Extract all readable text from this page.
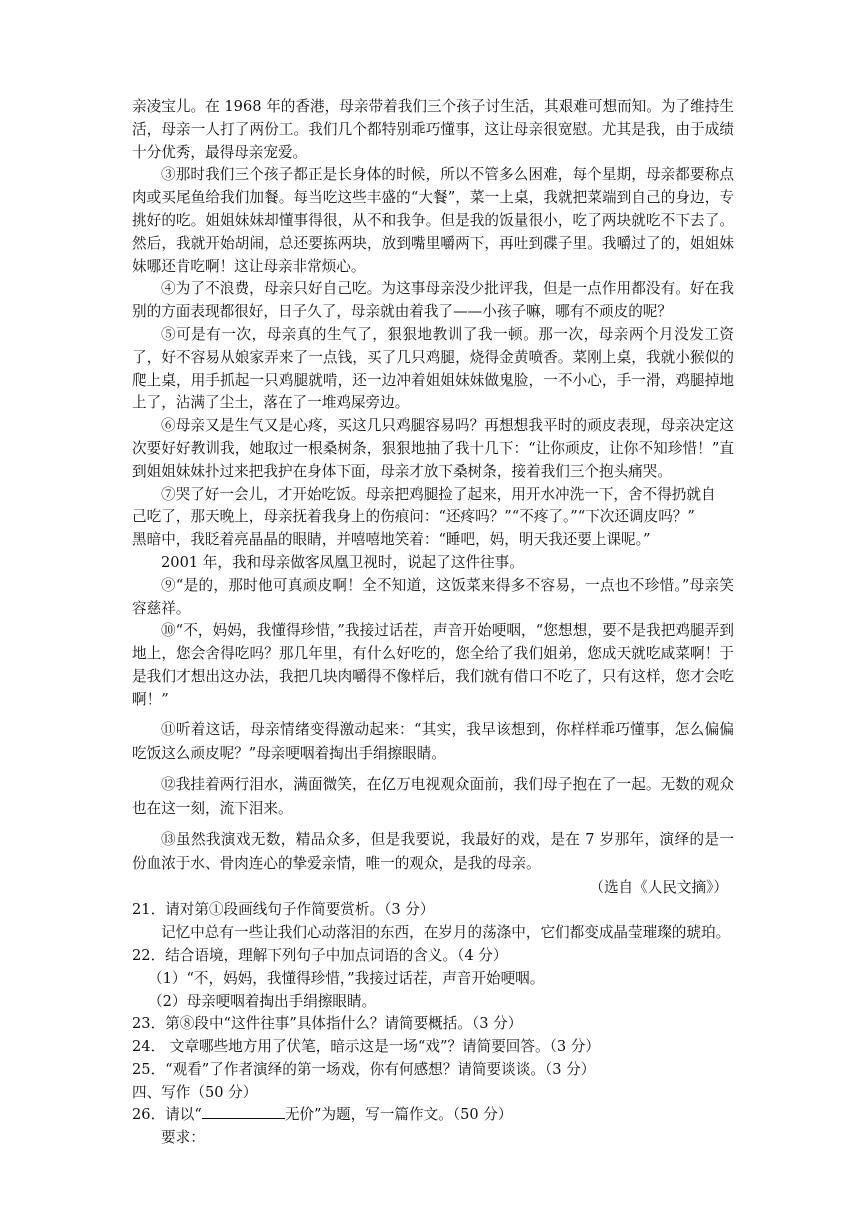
亲凌宝儿。在 1968 年的香港，母亲带着我们三个孩子讨生活，其艰难可想而知。为了维持生活，母亲一人打了两份工。我们几个都特别乖巧懂事，这让母亲很宽慰。尤其是我，由于成绩十分优秀，最得母亲宠爱。

③那时我们三个孩子都正是长身体的时候，所以不管多么困难，每个星期，母亲都要称点肉或买尾鱼给我们加餐。每当吃这些丰盛的“大餐”，菜一上桌，我就把菜端到自己的身边，专挑好的吃。姐姐妹妹却懂事得很，从不和我争。但是我的饭量很小，吃了两块就吃不下去了。然后，我就开始胡闹，总还要拣两块，放到嘴里嚼两下，再吐到碟子里。我嚼过了的，姐姐妹妹哪还肯吃啊！这让母亲非常烦心。

④为了不浪费，母亲只好自己吃。为这事母亲没少批评我，但是一点作用都没有。好在我别的方面表现都很好，日子久了，母亲就由着我了——小孩子嘛，哪有不顽皮的呢？

⑤可是有一次，母亲真的生气了，狠狠地教训了我一顿。那一次，母亲两个月没发工资了，好不容易从娘家弄来了一点钱，买了几只鸡腿，烧得金黄喷香。菜刚上桌，我就小猴似的爬上桌，用手抓起一只鸡腿就啃，还一边冲着姐姐妹妹做鬼脸，一不小心，手一滑，鸡腿掉地上了，沾满了尘土，落在了一堆鸡屎旁边。

⑥母亲又是生气又是心疼，买这几只鸡腿容易吗？再想想我平时的顽皮表现，母亲决定这次要好好教训我，她取过一根桑树条，狠狠地抽了我十几下：“让你顽皮，让你不知珍惜！”直到姐姐妹妹扑过来把我护在身体下面，母亲才放下桑树条，接着我们三个抱头痛哭。

⑦哭了好一会儿，才开始吃饭。母亲把鸡腿捡了起来，用开水冲洗一下，舍不得扔就自

己吃了，那天晚上，母亲抚着我身上的伤痕问：“还疼吗？”“不疼了。”“下次还调皮吗？”

黑暗中，我眨着亮晶晶的眼睛，并嘻嘻地笑着：“睡吧，妈，明天我还要上课呢。”

2001 年，我和母亲做客凤凰卫视时，说起了这件往事。

⑨“是的，那时他可真顽皮啊！全不知道，这饭菜来得多不容易，一点也不珍惜。”母亲笑容慈祥。

⑩“不，妈妈，我懂得珍惜，”我接过话茬，声音开始哽咽，“您想想，要不是我把鸡腿弄到地上，您会舍得吃吗？那几年里，有什么好吃的，您全给了我们姐弟，您成天就吃咸菜啊！于是我们才想出这办法，我把几块肉嚼得不像样后，我们就有借口不吃了，只有这样，您才会吃啊！”

⑪听着这话，母亲情绪变得激动起来：“其实，我早该想到，你样样乖巧懂事，怎么偏偏吃饭这么顽皮呢？”母亲哽咽着掏出手绢擦眼睛。

⑫我挂着两行泪水，满面微笑，在亿万电视观众面前，我们母子抱在了一起。无数的观众也在这一刻，流下泪来。

⑬虽然我演戏无数，精品众多，但是我要说，我最好的戏，是在 7 岁那年，演绎的是一份血浓于水、骨肉连心的挚爱亲情，唯一的观众，是我的母亲。

（选自《人民文摘》）

21．请对第①段画线句子作简要赏析。（3 分）

记忆中总有一些让我们心动落泪的东西，在岁月的荡涤中，它们都变成晶莹璀璨的琥珀。

22．结合语境，理解下列句子中加点词语的含义。（4 分）

（1）“不，妈妈，我懂得珍惜，”我接过话茬，声音开始哽咽。

（2）母亲哽咽着掏出手绢擦眼睛。

23．第⑧段中“这件往事”具体指什么？请简要概括。（3 分）

24． 文章哪些地方用了伏笔，暗示这是一场“戏”？请简要回答。（3 分）

25．“观看”了作者演绎的第一场戏，你有何感想？请简要谈谈。（3 分）

四、写作（50 分）

26．请以“	无价”为题，写一篇作文。（50 分）

要求：
